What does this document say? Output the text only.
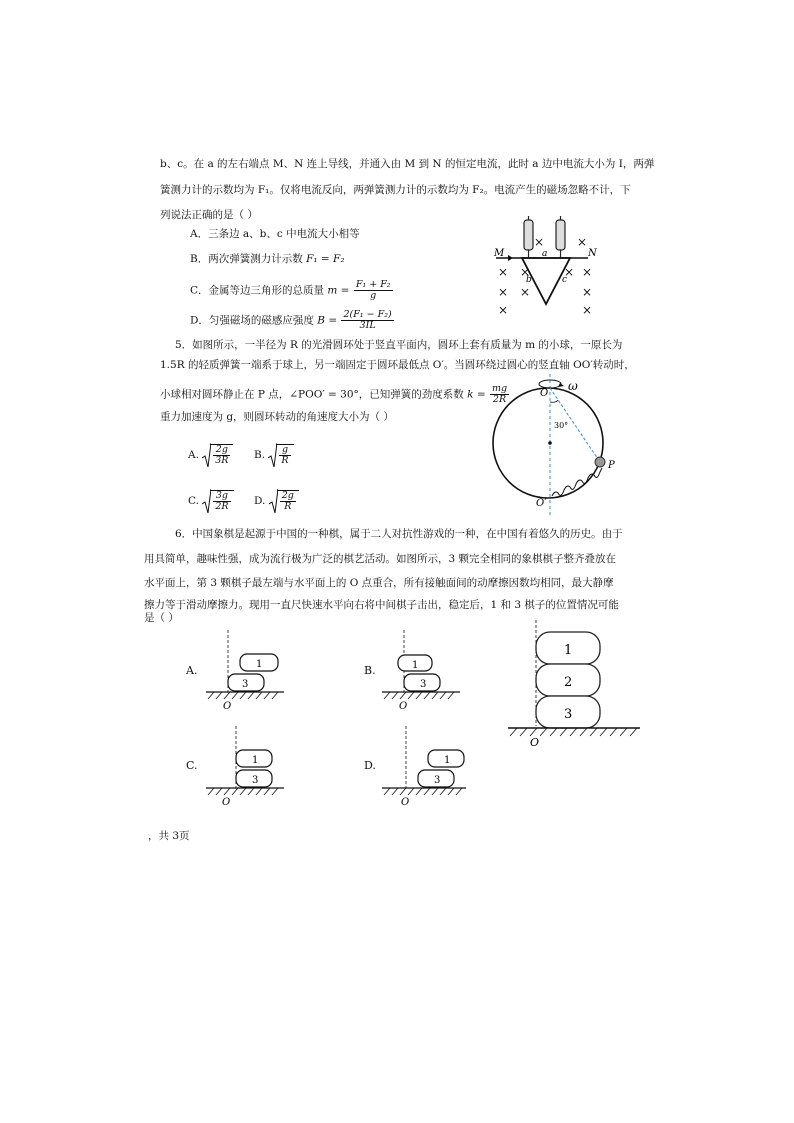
b、c。在 a 的左右端点 M、N 连上导线，并通入由 M 到 N 的恒定电流，此时 a 边中电流大小为 I，两弹
簧测力计的示数均为 F₁。仅将电流反向，两弹簧测力计的示数均为 F₂。电流产生的磁场忽略不计，下
列说法正确的是（ ）
A．三条边 a、b、c 中电流大小相等
B．两次弹簧测力计示数 F₁ = F₂
C．金属等边三角形的总质量 $m = \frac{\text{F₁ + F₂}}{g}$
D．匀强磁场的磁感应强度 $B = \frac{\text{2(F₁ − F₂)}}{3IL}$
×	×
× ×	× ×
× ×	×
×	×
M	N
a
b	c
5．如图所示，一半径为 R 的光滑圆环处于竖直平面内，圆环上套有质量为 m 的小球，一原长为
1.5R 的轻质弹簧一端系于球上，另一端固定于圆环最低点 O′。当圆环绕过圆心的竖直轴 OO′转动时，
小球相对圆环静止在 P 点，∠POO′ = 30°，已知弹簧的劲度系数 $k = \frac{mg}{2R}$
重力加速度为 g，则圆环转动的角速度大小为（ ）
A. $\frac{2g}{3R} B$. $\frac{g}{R}$
C. $\frac{3g}{2R} D$. $\frac{2g}{R}$
ω
30°
O
P
O′
6．中国象棋是起源于中国的一种棋，属于二人对抗性游戏的一种，在中国有着悠久的历史。由于
用具简单，趣味性强，成为流行极为广泛的棋艺活动。如图所示，3 颗完全相同的象棋棋子整齐叠放在
水平面上，第 3 颗棋子最左端与水平面上的 O 点重合，所有接触面间的动摩擦因数均相同，最大静摩
擦力等于滑动摩擦力。现用一直尺快速水平向右将中间棋子击出，稳定后，1 和 3 棋子的位置情况可能
是（ ）
A.	1
3
O
B.	1
3
O
C.	1
3
O
D.	1
3
O
1
2
3
O
，共 3页
